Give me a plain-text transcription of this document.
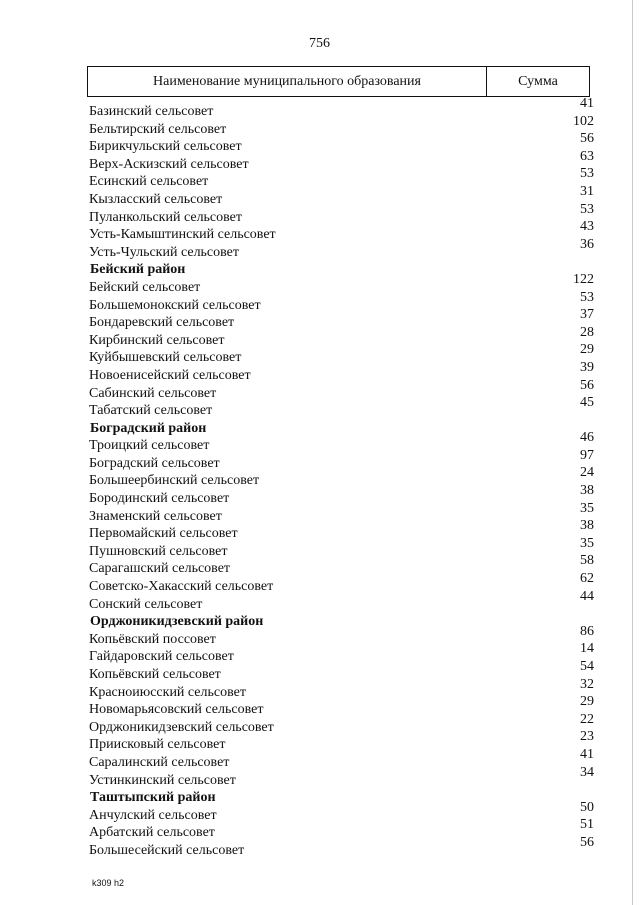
756
Наименование муниципального образования	Сумма
Базинский сельсовет
41
Бельтирский сельсовет
102
Бирикчульский сельсовет
56
Верх-Аскизский сельсовет
63
Есинский сельсовет
53
Кызласский сельсовет
31
Пуланкольский сельсовет
53
Усть-Камыштинский сельсовет
43
Усть-Чульский сельсовет
36
Бейский район
Бейский сельсовет
122
Большемонокский сельсовет
53
Бондаревский сельсовет
37
Кирбинский сельсовет
28
Куйбышевский сельсовет
29
Новоенисейский сельсовет
39
Сабинский сельсовет
56
Табатский сельсовет
45
Боградский район
Троицкий сельсовет
46
Боградский сельсовет
97
Большеербинский сельсовет
24
Бородинский сельсовет
38
Знаменский сельсовет
35
Первомайский сельсовет
38
Пушновский сельсовет
35
Сарагашский сельсовет
58
Советско-Хакасский сельсовет
62
Сонский сельсовет
44
Орджоникидзевский район
Копьёвский поссовет
86
Гайдаровский сельсовет
14
Копьёвский сельсовет
54
Красноиюсский сельсовет
32
Новомарьясовский сельсовет
29
Орджоникидзевский сельсовет
22
Приисковый сельсовет
23
Саралинский сельсовет
41
Устинкинский сельсовет
34
Таштыпский район
Анчулский сельсовет
50
Арбатский сельсовет
51
Большесейский сельсовет
56
k309 h2
